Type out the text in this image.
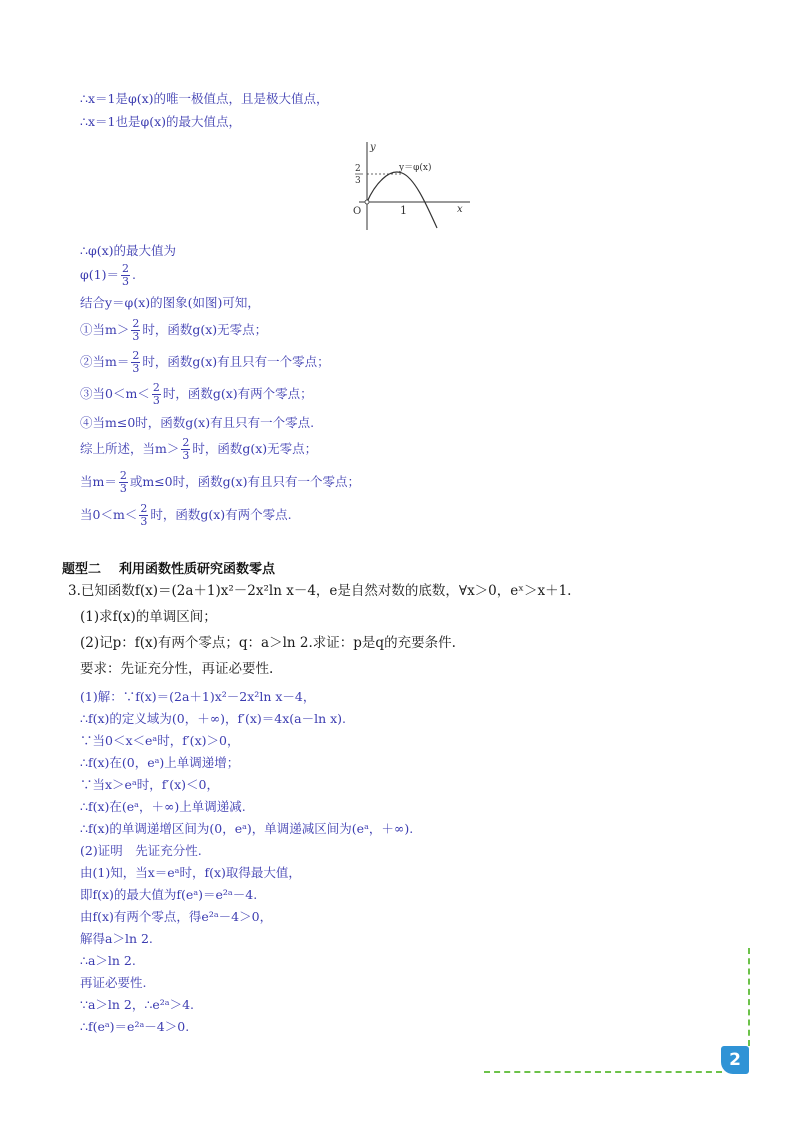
∴x＝1是φ(x)的唯一极值点，且是极大值点，
∴x＝1也是φ(x)的最大值点，
y
x
O
2
3
y＝φ(x)
1
∴φ(x)的最大值为
$\varphi(1)= \frac{2}{3}$ .
结合y＝φ(x)的图象(如图)可知，
①当$m> \frac{2}{3}$ 时，函数g(x)无零点；
②当$m= \frac{2}{3}$ 时，函数g(x)有且只有一个零点；
③当$0<m< \frac{2}{3}$ 时，函数g(x)有两个零点；
④当m≤0时，函数g(x)有且只有一个零点.
综上所述，当$m> \frac{2}{3}$ 时，函数g(x)无零点；
当$m= \frac{2}{3}$ 或m≤0时，函数g(x)有且只有一个零点；
当$0<m< \frac{2}{3}$ 时，函数g(x)有两个零点.
题型二 利用函数性质研究函数零点
3.已知函数f(x)＝(2a＋1)x²－2x²ln x－4，e是自然对数的底数，∀x＞0，eˣ＞x＋1.
(1)求f(x)的单调区间；
(2)记p：f(x)有两个零点；q：a＞ln 2.求证：p是q的充要条件.
要求：先证充分性，再证必要性.
(1)解：∵f(x)＝(2a＋1)x²－2x²ln x－4，
∴f(x)的定义域为(0，＋∞)，f′(x)＝4x(a－ln x).
∵当0＜x＜eᵃ时，f′(x)＞0，
∴f(x)在(0，eᵃ)上单调递增；
∵当x＞eᵃ时，f′(x)＜0，
∴f(x)在(eᵃ，＋∞)上单调递减.
∴f(x)的单调递增区间为(0，eᵃ)，单调递减区间为(eᵃ，＋∞).
(2)证明　先证充分性.
由(1)知，当x＝eᵃ时，f(x)取得最大值，
即f(x)的最大值为f(eᵃ)＝e²ᵃ－4.
由f(x)有两个零点，得e²ᵃ－4＞0，
解得a＞ln 2.
∴a＞ln 2.
再证必要性.
∵a＞ln 2，∴e²ᵃ＞4.
∴f(eᵃ)＝e²ᵃ－4＞0.
2
